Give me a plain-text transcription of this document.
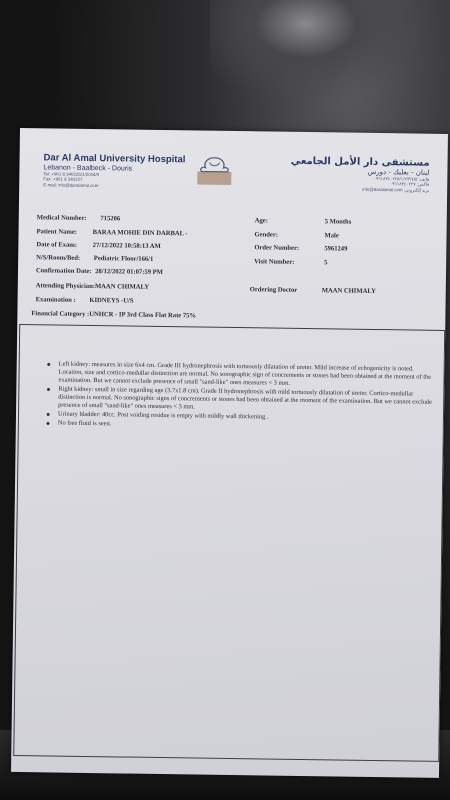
Dar Al Amal University Hospital
Lebanon - Baalbeck - Douris
Tel: +961 8 340225/1/2/3/4/5
Fax: +961 8 340227
E-mail: info@daralamal.com
مستشفى دار الأمل الجامعي
لبنان - بعلبك - دورس
هاتف: ٠٩٦١٨٣٤٠٢٢٥/١/٢/٣/٤/٥
فاكس: ٠٩٦١٨٣٤٠٢٢٧
بريد إلكتروني: info@daralamal.com
Medical Number: 715206
Patient Name: BARAA MOHIE DIN DARBAL -
Date of Exam: 27/12/2022 10:58:13 AM
N/S/Room/Bed: Pediatric Floor/166/1
Confirmation Date: 28/12/2022 01:07:59 PM
Attending Physician:MAAN CHIMALY
Examination : KIDNEYS -U/S
Financial Category :UNHCR - IP 3rd Class Flat Rate 75%
Age:	5 Months
Gender:	Male
Order Number:	5961249
Visit Number:	5
Ordering Doctor	MAAN CHIMALY
● Left kidney: measures in size 6x4 cm. Grade III hydronephrosis with tortuously dilatation of ureter. Mild increase of echogenicity is noted. Location, size and cortico-medullar distinction are normal. No sonographic sign of concrements or stones had been obtained at the moment of the examination. But we cannot exclude presence of small "sand-like" ones measures < 3 mm.
● Right kidney: small in size regarding age (3.7x1.8 cm). Grade II hydronephrosis with mild tortuously dilatation of ureter. Cortico-medullar distinction is normal. No sonographic signs of concrements or stones had been obtained at the moment of the examination. But we cannot exclude presence of small "sand-like" ones measures < 3 mm.
● Urinary bladder: 40cc. Post voiding residue is empty with mildly wall thickening .
● No free fluid is seen.
